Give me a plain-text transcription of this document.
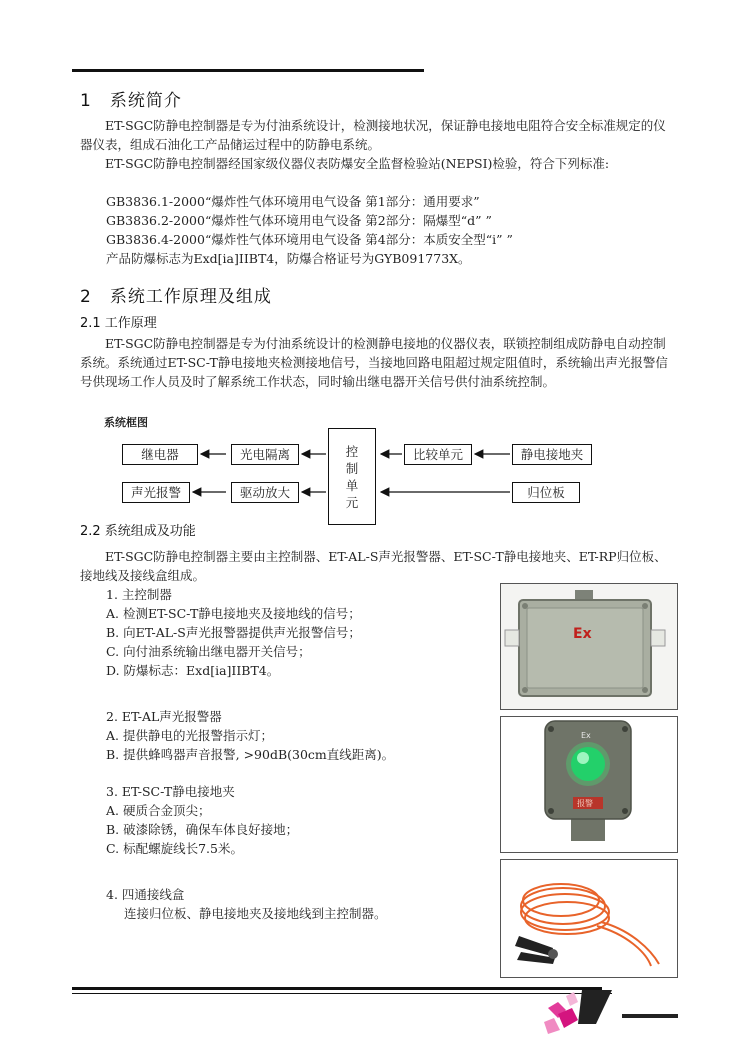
1　系统简介

ET-SGC防静电控制器是专为付油系统设计，检测接地状况，保证静电接地电阻符合安全标准规定的仪器仪表，组成石油化工产品储运过程中的防静电系统。

ET-SGC防静电控制器经国家级仪器仪表防爆安全监督检验站(NEPSI)检验，符合下列标准:

GB3836.1-2000“爆炸性气体环境用电气设备 第1部分：通用要求”

GB3836.2-2000“爆炸性气体环境用电气设备 第2部分：隔爆型“d” ”

GB3836.4-2000“爆炸性气体环境用电气设备 第4部分：本质安全型“i” ”

产品防爆标志为Exd[ia]IIBT4，防爆合格证号为GYB091773X。

2　系统工作原理及组成
2.1 工作原理

ET-SGC防静电控制器是专为付油系统设计的检测静电接地的仪器仪表，联锁控制组成防静电自动控制系统。系统通过ET-SC-T静电接地夹检测接地信号，当接地回路电阻超过规定阻值时，系统输出声光报警信号供现场工作人员及时了解系统工作状态，同时输出继电器开关信号供付油系统控制。

系统框图
继电器	光电隔离
声光报警	驱动放大
控
制
单
元
比较单元	静电接地夹
归位板
2.2 系统组成及功能

ET-SGC防静电控制器主要由主控制器、ET-AL-S声光报警器、ET-SC-T静电接地夹、ET-RP归位板、接地线及接线盒组成。

1. 主控制器

A. 检测ET-SC-T静电接地夹及接地线的信号；

B. 向ET-AL-S声光报警器提供声光报警信号；

C. 向付油系统输出继电器开关信号；

D. 防爆标志：Exd[ia]IIBT4。

2. ET-AL声光报警器

A. 提供静电的光报警指示灯；

B. 提供蜂鸣器声音报警, >90dB(30cm直线距离)。

3. ET-SC-T静电接地夹

A. 硬质合金顶尖；

B. 破漆除锈，确保车体良好接地；

C. 标配螺旋线长7.5米。

4. 四通接线盒

连接归位板、静电接地夹及接地线到主控制器。

Ex
Ex
报警
